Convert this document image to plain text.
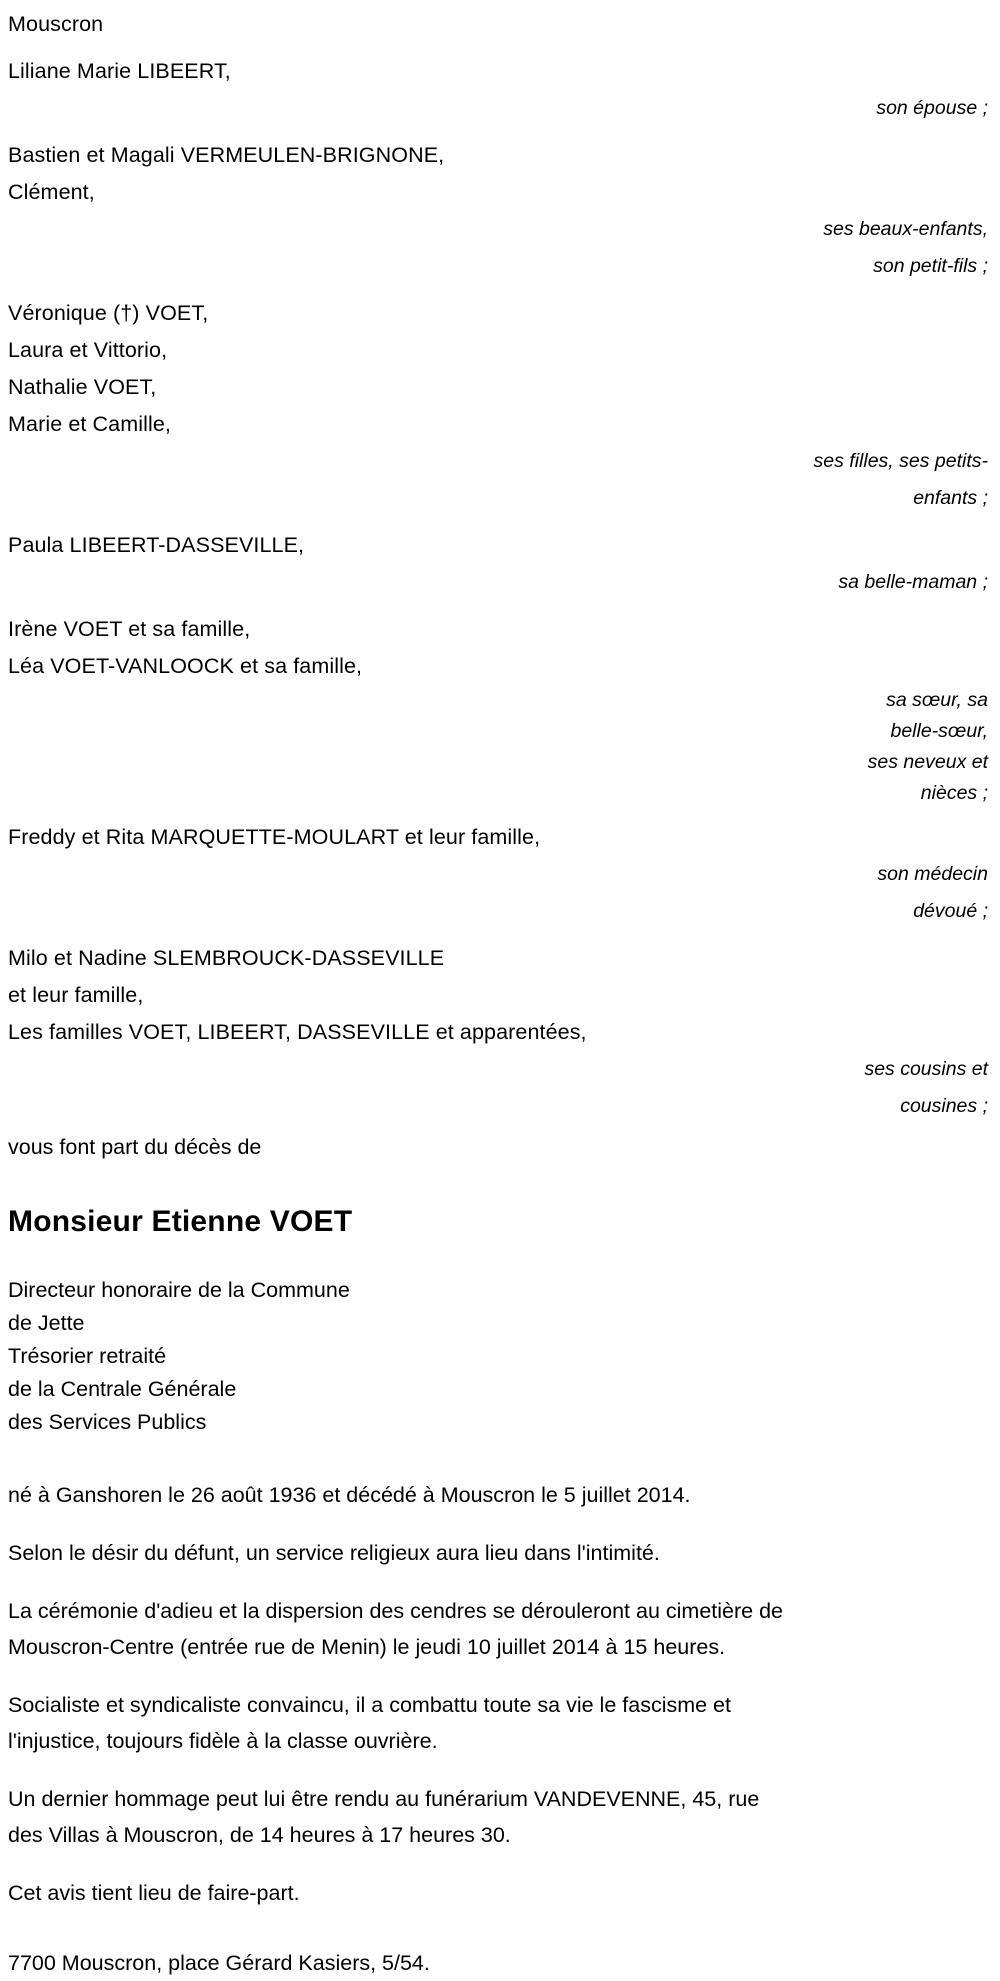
Mouscron
Liliane Marie LIBEERT,
son épouse ;
Bastien et Magali VERMEULEN-BRIGNONE,
Clément,
ses beaux-enfants,
son petit-fils ;
Véronique (†) VOET,
Laura et Vittorio,
Nathalie VOET,
Marie et Camille,
ses filles, ses petits-
enfants ;
Paula LIBEERT-DASSEVILLE,
sa belle-maman ;
Irène VOET et sa famille,
Léa VOET-VANLOOCK et sa famille,
sa sœur, sa
belle-sœur,
ses neveux et
nièces ;
Freddy et Rita MARQUETTE-MOULART et leur famille,
son médecin
dévoué ;
Milo et Nadine SLEMBROUCK-DASSEVILLE
et leur famille,
Les familles VOET, LIBEERT, DASSEVILLE et apparentées,
ses cousins et
cousines ;
vous font part du décès de
Monsieur Etienne VOET
Directeur honoraire de la Commune
de Jette
Trésorier retraité
de la Centrale Générale
des Services Publics

né à Ganshoren le 26 août 1936 et décédé à Mouscron le 5 juillet 2014.

Selon le désir du défunt, un service religieux aura lieu dans l'intimité.

La cérémonie d'adieu et la dispersion des cendres se dérouleront au cimetière de Mouscron-Centre (entrée rue de Menin) le jeudi 10 juillet 2014 à 15 heures.

Socialiste et syndicaliste convaincu, il a combattu toute sa vie le fascisme et l'injustice, toujours fidèle à la classe ouvrière.

Un dernier hommage peut lui être rendu au funérarium VANDEVENNE, 45, rue des Villas à Mouscron, de 14 heures à 17 heures 30.

Cet avis tient lieu de faire-part.

7700 Mouscron, place Gérard Kasiers, 5/54.
